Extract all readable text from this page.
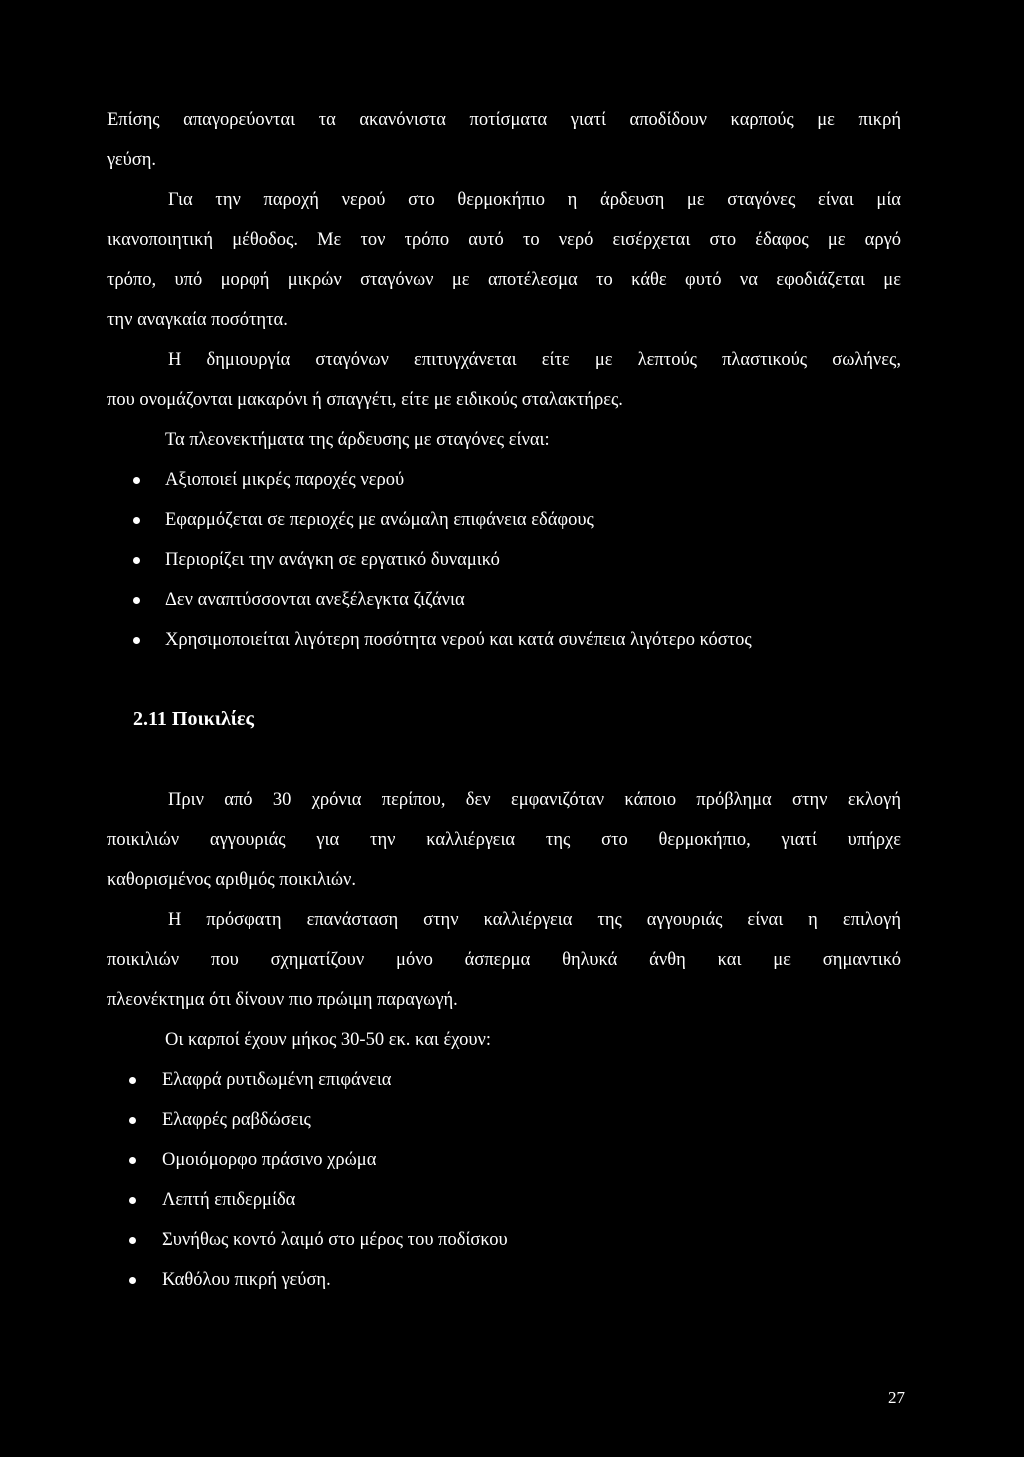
Επίσης απαγορεύονται τα ακανόνιστα ποτίσματα γιατί αποδίδουν καρπούς με πικρή
γεύση.
Για την παροχή νερού στο θερμοκήπιο η άρδευση με σταγόνες είναι μία
ικανοποιητική μέθοδος. Με τον τρόπο αυτό το νερό εισέρχεται στο έδαφος με αργό
τρόπο, υπό μορφή μικρών σταγόνων με αποτέλεσμα το κάθε φυτό να εφοδιάζεται με
την αναγκαία ποσότητα.
Η δημιουργία σταγόνων επιτυγχάνεται είτε με λεπτούς πλαστικούς σωλήνες,
που ονομάζονται μακαρόνι ή σπαγγέτι, είτε με ειδικούς σταλακτήρες.
Τα πλεονεκτήματα της άρδευσης με σταγόνες είναι:
Αξιοποιεί μικρές παροχές νερού
Εφαρμόζεται σε περιοχές με ανώμαλη επιφάνεια εδάφους
Περιορίζει την ανάγκη σε εργατικό δυναμικό
Δεν αναπτύσσονται ανεξέλεγκτα ζιζάνια
Χρησιμοποιείται λιγότερη ποσότητα νερού και κατά συνέπεια λιγότερο κόστος
2.11 Ποικιλίες
Πριν από 30 χρόνια περίπου, δεν εμφανιζόταν κάποιο πρόβλημα στην εκλογή
ποικιλιών αγγουριάς για την καλλιέργεια της στο θερμοκήπιο, γιατί υπήρχε
καθορισμένος αριθμός ποικιλιών.
Η πρόσφατη επανάσταση στην καλλιέργεια της αγγουριάς είναι η επιλογή
ποικιλιών που σχηματίζουν μόνο άσπερμα θηλυκά άνθη και με σημαντικό
πλεονέκτημα ότι δίνουν πιο πρώιμη παραγωγή.
Οι καρποί έχουν μήκος 30-50 εκ. και έχουν:
Ελαφρά ρυτιδωμένη επιφάνεια
Ελαφρές ραβδώσεις
Ομοιόμορφο πράσινο χρώμα
Λεπτή επιδερμίδα
Συνήθως κοντό λαιμό στο μέρος του ποδίσκου
Καθόλου πικρή γεύση.
27
